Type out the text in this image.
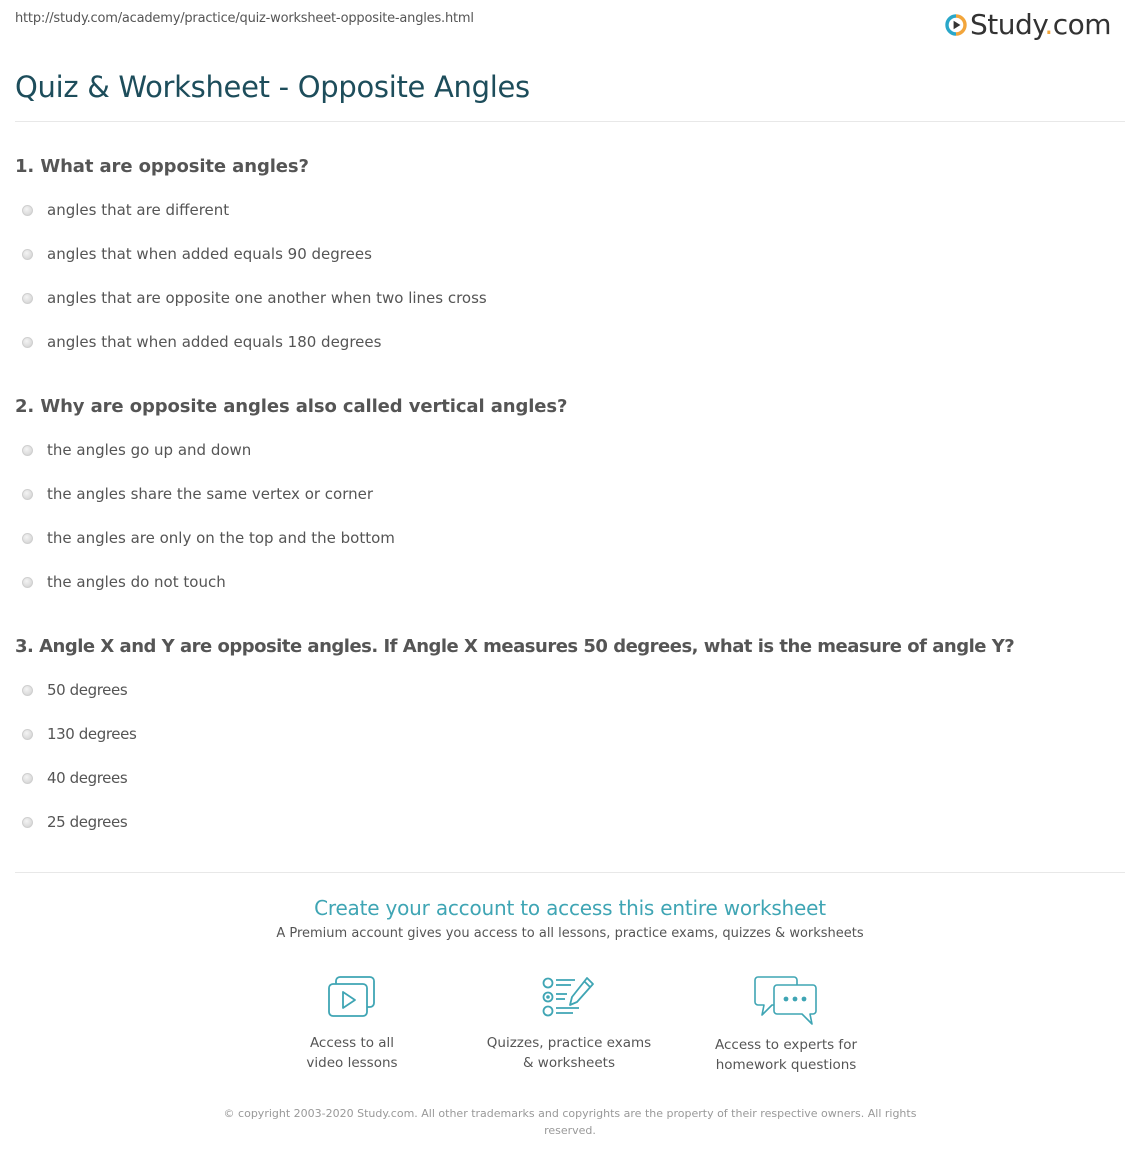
http://study.com/academy/practice/quiz-worksheet-opposite-angles.html	Study.com
Quiz & Worksheet - Opposite Angles
1. What are opposite angles?
angles that are different
angles that when added equals 90 degrees
angles that are opposite one another when two lines cross
angles that when added equals 180 degrees
2. Why are opposite angles also called vertical angles?
the angles go up and down
the angles share the same vertex or corner
the angles are only on the top and the bottom
the angles do not touch
3. Angle X and Y are opposite angles. If Angle X measures 50 degrees, what is the measure of angle Y?
50 degrees
130 degrees
40 degrees
25 degrees
Create your account to access this entire worksheet
A Premium account gives you access to all lessons, practice exams, quizzes & worksheets
Access to all
video lessons
Quizzes, practice exams
& worksheets
Access to experts for
homework questions
© copyright 2003-2020 Study.com. All other trademarks and copyrights are the property of their respective owners. All rights reserved.
